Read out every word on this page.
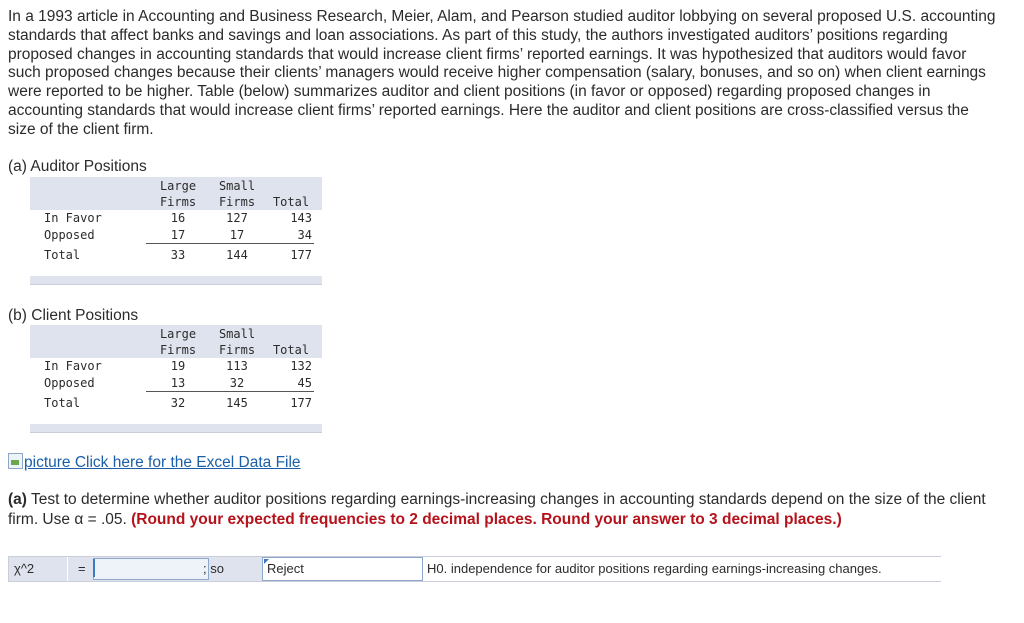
In a 1993 article in Accounting and Business Research, Meier, Alam, and Pearson studied auditor lobbying on several proposed U.S. accounting standards that affect banks and savings and loan associations. As part of this study, the authors investigated auditors’ positions regarding proposed changes in accounting standards that would increase client firms’ reported earnings. It was hypothesized that auditors would favor such proposed changes because their clients’ managers would receive higher compensation (salary, bonuses, and so on) when client earnings were reported to be higher. Table (below) summarizes auditor and client positions (in favor or opposed) regarding proposed changes in accounting standards that would increase client firms’ reported earnings. Here the auditor and client positions are cross-classified versus the size of the client firm.

(a) Auditor Positions

Large	Small
Firms	Firms	Total
In Favor	16	127	143
Opposed	17	17	34
Total	33	144	177

(b) Client Positions

Large	Small
Firms	Firms	Total
In Favor	19	113	132
Opposed	13	32	45
Total	32	145	177
picture Click here for the Excel Data File
(a) Test to determine whether auditor positions regarding earnings-increasing changes in accounting standards depend on the size of the client firm. Use α = .05. (Round your expected frequencies to 2 decimal places. Round your answer to 3 decimal places.)
χ^2	=	; so	Reject	H0. independence for auditor positions regarding earnings-increasing changes.
